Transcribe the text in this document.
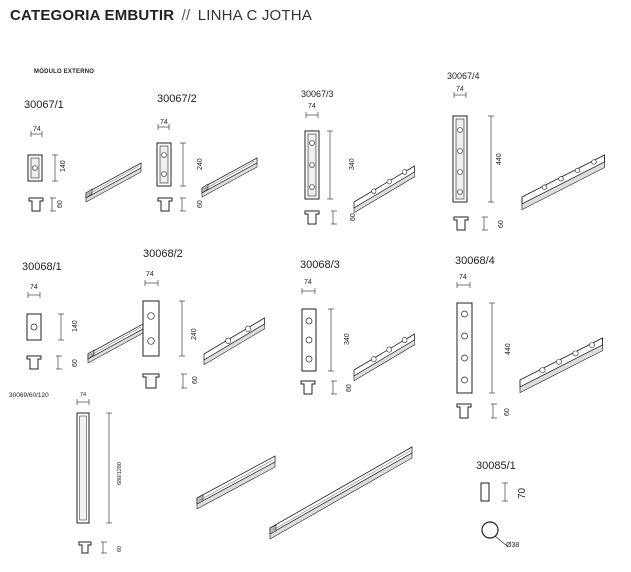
CATEGORIA EMBUTIR // LINHA C JOTHA
MÓDULO EXTERNO
30067/1
74
140
60
30067/2
74
240
60
30067/3
74
340
60
30067/4
74
440
60
30068/1
74
140
60
30068/2
74
240
60
30068/3
74
340
60
30068/4
74
440
60
30069/60/120	74
680/1280
60
30085/1
70
Ø38
